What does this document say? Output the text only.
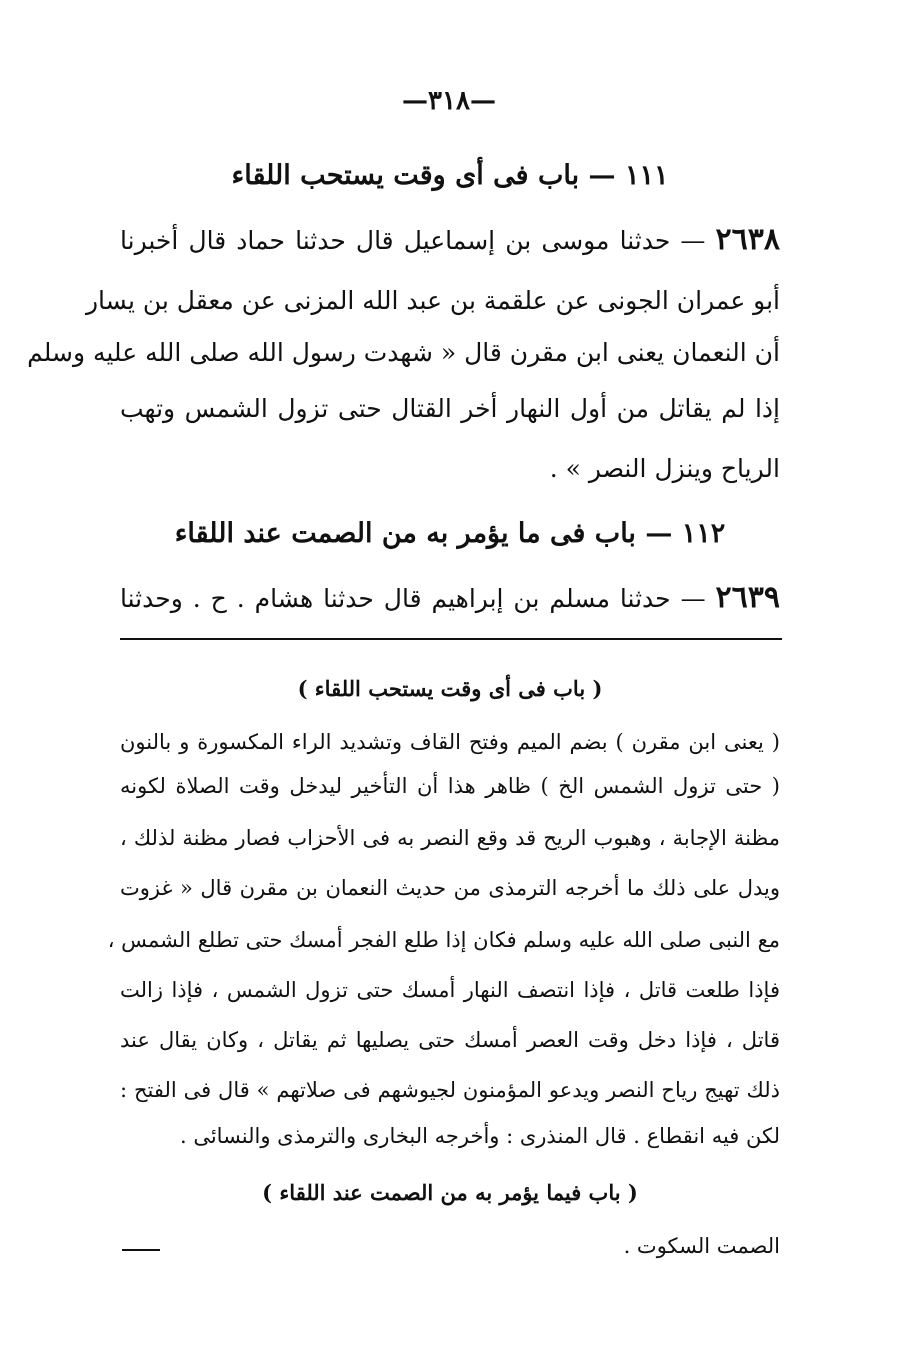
—٣١٨—
١١١ — باب فى أى وقت يستحب اللقاء
٢٦٣٨ — حدثنا موسى بن إسماعيل قال حدثنا حماد قال أخبرنا
أبو عمران الجونى عن علقمة بن عبد الله المزنى عن معقل بن يسار
أن النعمان يعنى ابن مقرن قال « شهدت رسول الله صلى الله عليه وسلم
إذا لم يقاتل من أول النهار أخر القتال حتى تزول الشمس وتهب
الرياح وينزل النصر » .
١١٢ — باب فى ما يؤمر به من الصمت عند اللقاء
٢٦٣٩ — حدثنا مسلم بن إبراهيم قال حدثنا هشام . ح . وحدثنا
( باب فى أى وقت يستحب اللقاء )
( يعنى ابن مقرن ) بضم الميم وفتح القاف وتشديد الراء المكسورة و بالنون
( حتى تزول الشمس الخ ) ظاهر هذا أن التأخير ليدخل وقت الصلاة لكونه
مظنة الإجابة ، وهبوب الريح قد وقع النصر به فى الأحزاب فصار مظنة لذلك ،
ويدل على ذلك ما أخرجه الترمذى من حديث النعمان بن مقرن قال « غزوت
مع النبى صلى الله عليه وسلم فكان إذا طلع الفجر أمسك حتى تطلع الشمس ،
فإذا طلعت قاتل ، فإذا انتصف النهار أمسك حتى تزول الشمس ، فإذا زالت
قاتل ، فإذا دخل وقت العصر أمسك حتى يصليها ثم يقاتل ، وكان يقال عند
ذلك تهيج رياح النصر ويدعو المؤمنون لجيوشهم فى صلاتهم » قال فى الفتح :
لكن فيه انقطاع . قال المنذرى : وأخرجه البخارى والترمذى والنسائى .
( باب فيما يؤمر به من الصمت عند اللقاء )
الصمت السكوت .
